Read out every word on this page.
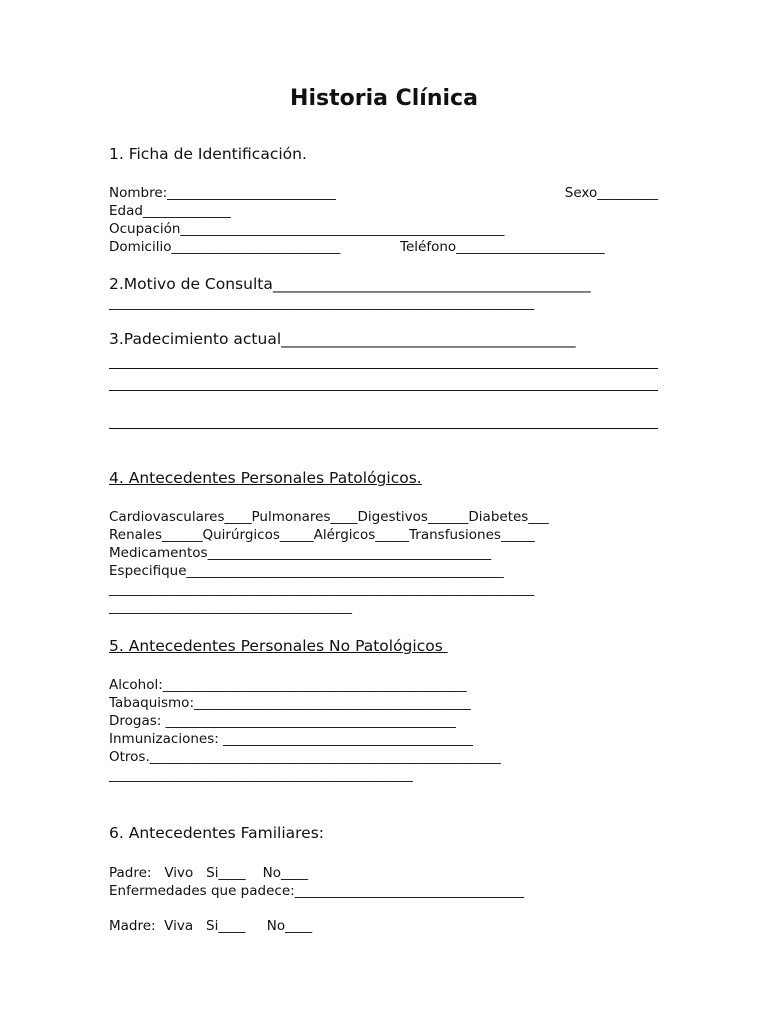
Historia Clínica
1. Ficha de Identificación.
Nombre:_________________________	Sexo_________
Edad_____________
Ocupación________________________________________________
Domicilio_________________________	Teléfono______________________
2.Motivo de Consulta_________________________________________
_______________________________________________________________
3.Padecimiento actual______________________________________
4. Antecedentes Personales Patológicos.
Cardiovasculares____Pulmonares____Digestivos______Diabetes___
Renales______Quirúrgicos_____Alérgicos_____Transfusiones_____
Medicamentos__________________________________________
Especifique_______________________________________________
_______________________________________________________________
____________________________________
5. Antecedentes Personales No Patológicos
Alcohol:_____________________________________________
Tabaquismo:_________________________________________
Drogas: ___________________________________________
Inmunizaciones: _____________________________________
Otros.____________________________________________________
_____________________________________________
6. Antecedentes Familiares:
Padre:   Vivo   Si____    No____
Enfermedades que padece:__________________________________
Madre:  Viva   Si____     No____
